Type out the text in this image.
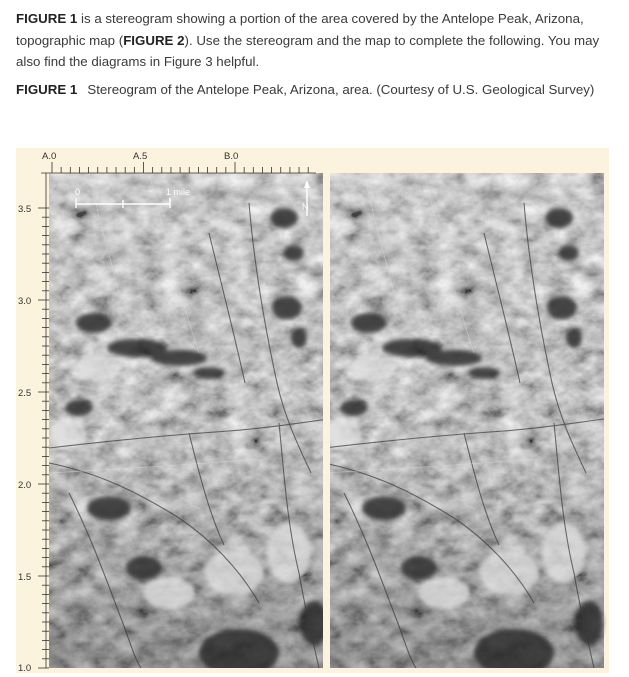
FIGURE 1 is a stereogram showing a portion of the area covered by the Antelope Peak, Arizona, topographic map (FIGURE 2). Use the stereogram and the map to complete the following. You may also find the diagrams in Figure 3 helpful.

FIGURE 1 Stereogram of the Antelope Peak, Arizona, area. (Courtesy of U.S. Geological Survey)

A.0	A.5	B.0
3.5
3.0
2.5
2.0
1.5
1.0
0	1 mile
N
